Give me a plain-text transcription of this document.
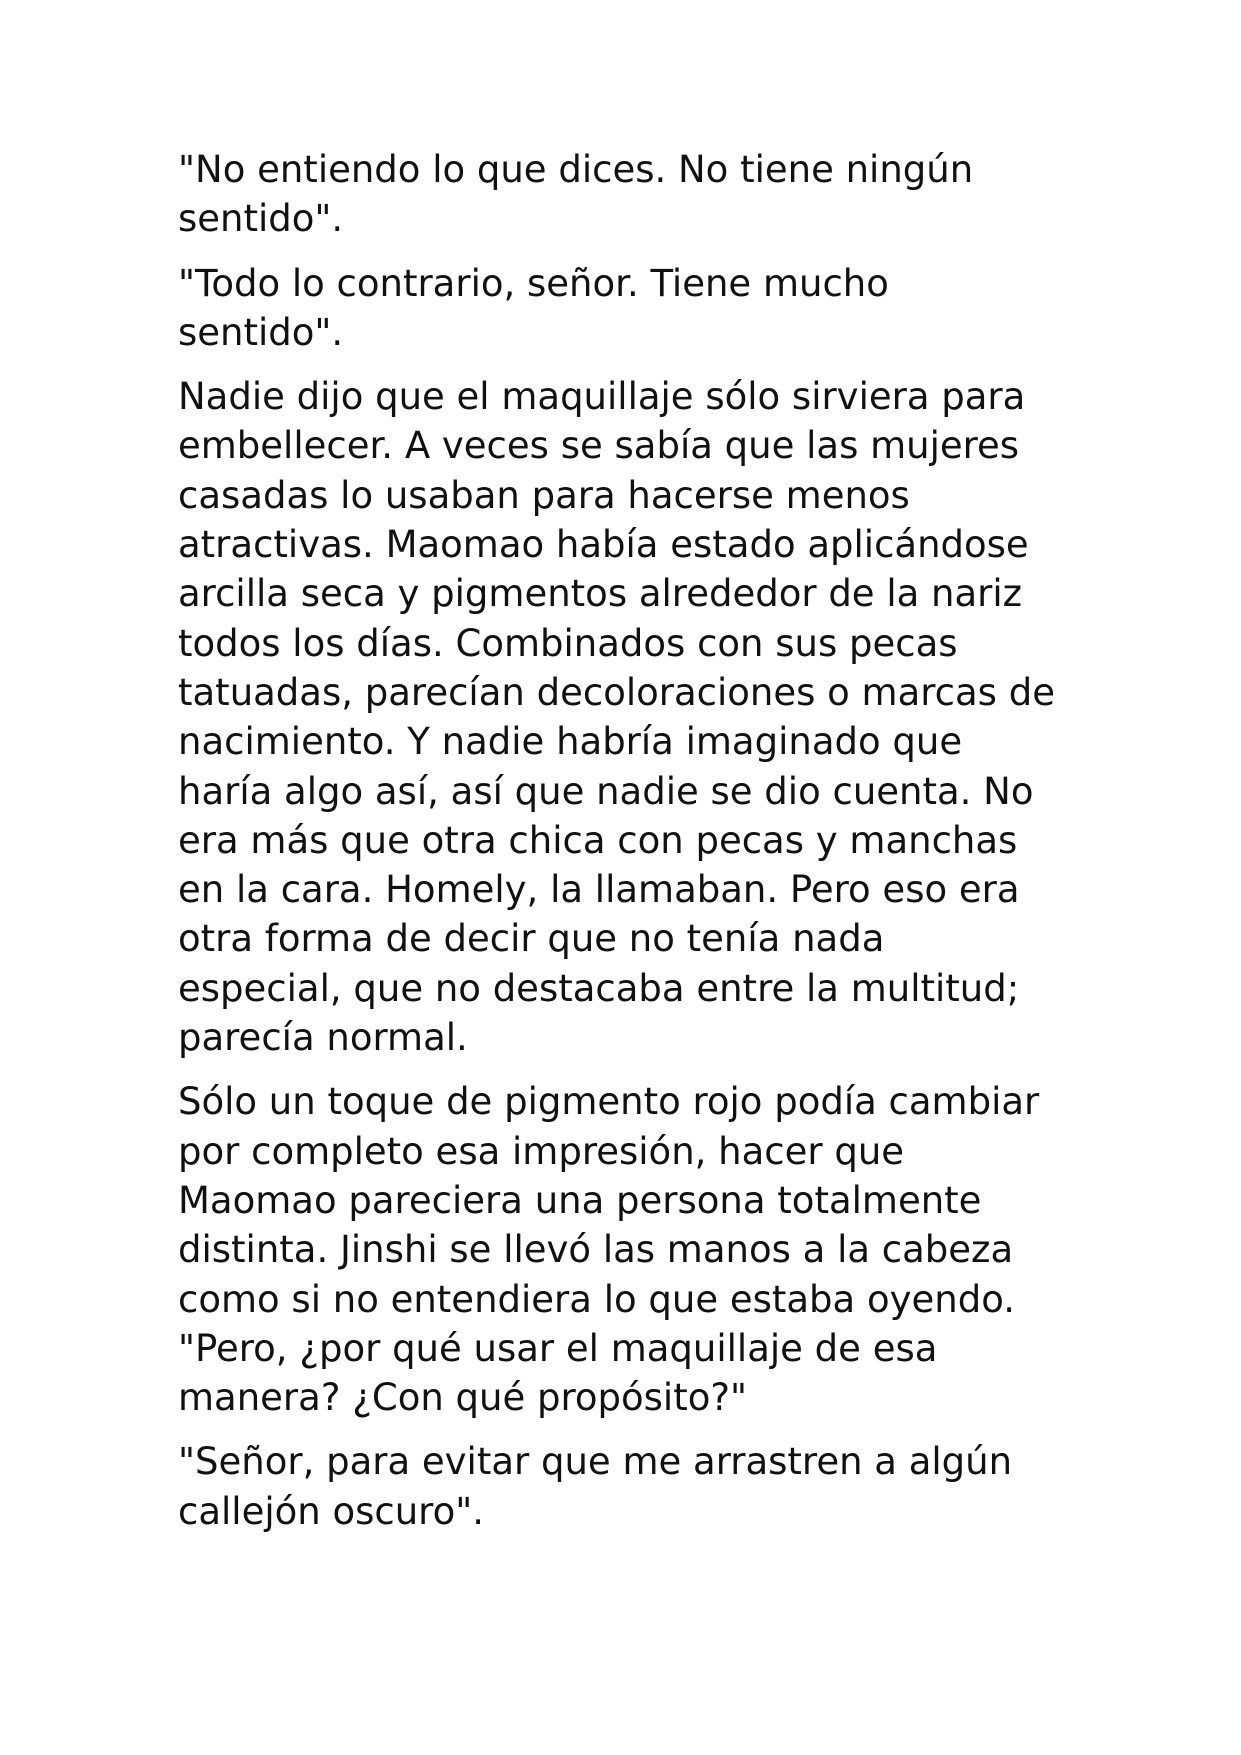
"No entiendo lo que dices. No tiene ningún
sentido".

"Todo lo contrario, señor. Tiene mucho
sentido".

Nadie dijo que el maquillaje sólo sirviera para
embellecer. A veces se sabía que las mujeres
casadas lo usaban para hacerse menos
atractivas. Maomao había estado aplicándose
arcilla seca y pigmentos alrededor de la nariz
todos los días. Combinados con sus pecas
tatuadas, parecían decoloraciones o marcas de
nacimiento. Y nadie habría imaginado que
haría algo así, así que nadie se dio cuenta. No
era más que otra chica con pecas y manchas
en la cara. Homely, la llamaban. Pero eso era
otra forma de decir que no tenía nada
especial, que no destacaba entre la multitud;
parecía normal.

Sólo un toque de pigmento rojo podía cambiar
por completo esa impresión, hacer que
Maomao pareciera una persona totalmente
distinta. Jinshi se llevó las manos a la cabeza
como si no entendiera lo que estaba oyendo.
"Pero, ¿por qué usar el maquillaje de esa
manera? ¿Con qué propósito?"

"Señor, para evitar que me arrastren a algún
callejón oscuro".
